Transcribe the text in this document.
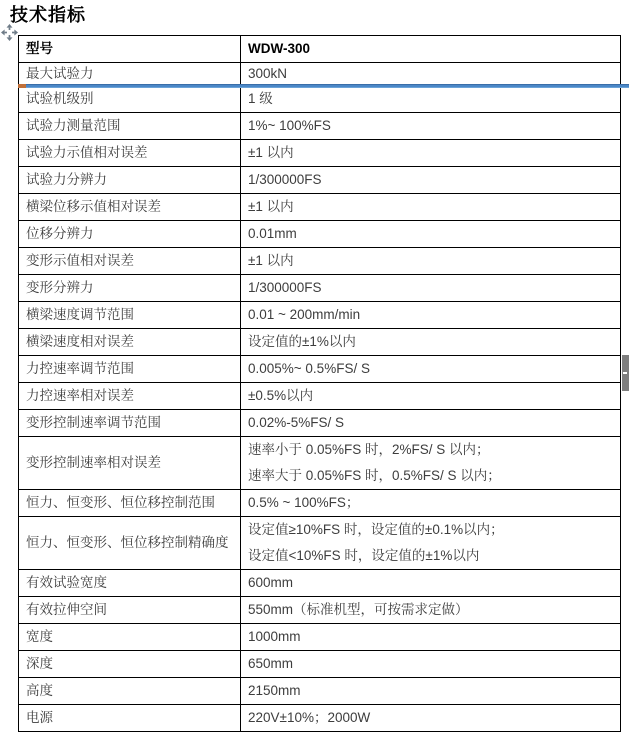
技术指标
型号	WDW-300

最大试验力	300kN

试验机级别	1 级

试验力测量范围	1%~ 100%FS

试验力示值相对误差	±1 以内

试验力分辨力	1/300000FS

横梁位移示值相对误差	±1 以内

位移分辨力	0.01mm

变形示值相对误差	±1 以内

变形分辨力	1/300000FS

横梁速度调节范围	0.01 ~ 200mm/min

横梁速度相对误差	设定值的±1%以内

力控速率调节范围	0.005%~ 0.5%FS/ S

力控速率相对误差	±0.5%以内

变形控制速率调节范围	0.02%-5%FS/ S

变形控制速率相对误差	速率小于 0.05%FS 时，2%FS/ S 以内；
速率大于 0.05%FS 时，0.5%FS/ S 以内；

恒力、恒变形、恒位移控制范围	0.5% ~ 100%FS；

恒力、恒变形、恒位移控制精确度	设定值≥10%FS 时，设定值的±0.1%以内；
设定值<10%FS 时，设定值的±1%以内

有效试验宽度	600mm

有效拉伸空间	550mm（标准机型，可按需求定做）

宽度	1000mm

深度	650mm

高度	2150mm

电源	220V±10%；2000W
